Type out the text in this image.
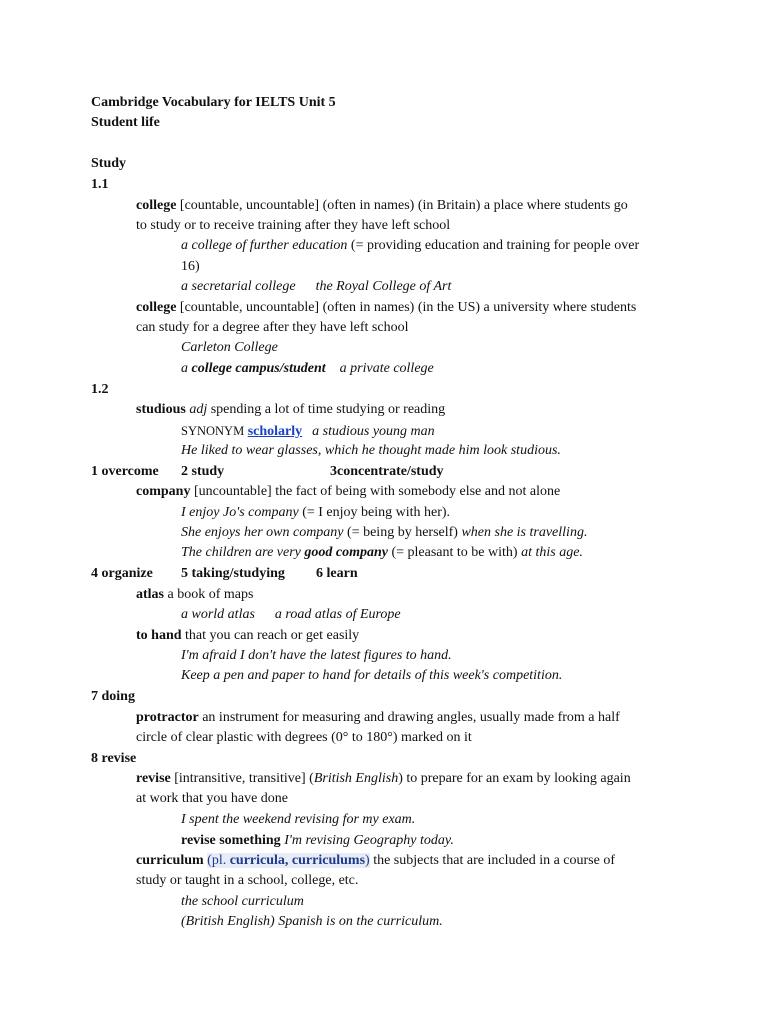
Cambridge Vocabulary for IELTS Unit 5
Student life
Study
1.1
college [countable, uncountable] (often in names) (in Britain) a place where students go
to study or to receive training after they have left school
a college of further education (= providing education and training for people over
16)
a secretarial college the Royal College of Art
college [countable, uncountable] (often in names) (in the US) a university where students
can study for a degree after they have left school
Carleton College
a college campus/student a private college
1.2
studious adj spending a lot of time studying or reading
SYNONYM scholarly a studious young man
He liked to wear glasses, which he thought made him look studious.
1 overcome 2 study	3concentrate/study
company [uncountable] the fact of being with somebody else and not alone
I enjoy Jo's company (= I enjoy being with her).
She enjoys her own company (= being by herself) when she is travelling.
The children are very good company (= pleasant to be with) at this age.
4 organize 5 taking/studying 6 learn
atlas a book of maps
a world atlas a road atlas of Europe
to hand that you can reach or get easily
I'm afraid I don't have the latest figures to hand.
Keep a pen and paper to hand for details of this week's competition.
7 doing
protractor an instrument for measuring and drawing angles, usually made from a half
circle of clear plastic with degrees (0° to 180°) marked on it
8 revise
revise [intransitive, transitive] (British English) to prepare for an exam by looking again
at work that you have done
I spent the weekend revising for my exam.
revise something I'm revising Geography today.
curriculum (pl. curricula, curriculums) the subjects that are included in a course of
study or taught in a school, college, etc.
the school curriculum
(British English) Spanish is on the curriculum.
